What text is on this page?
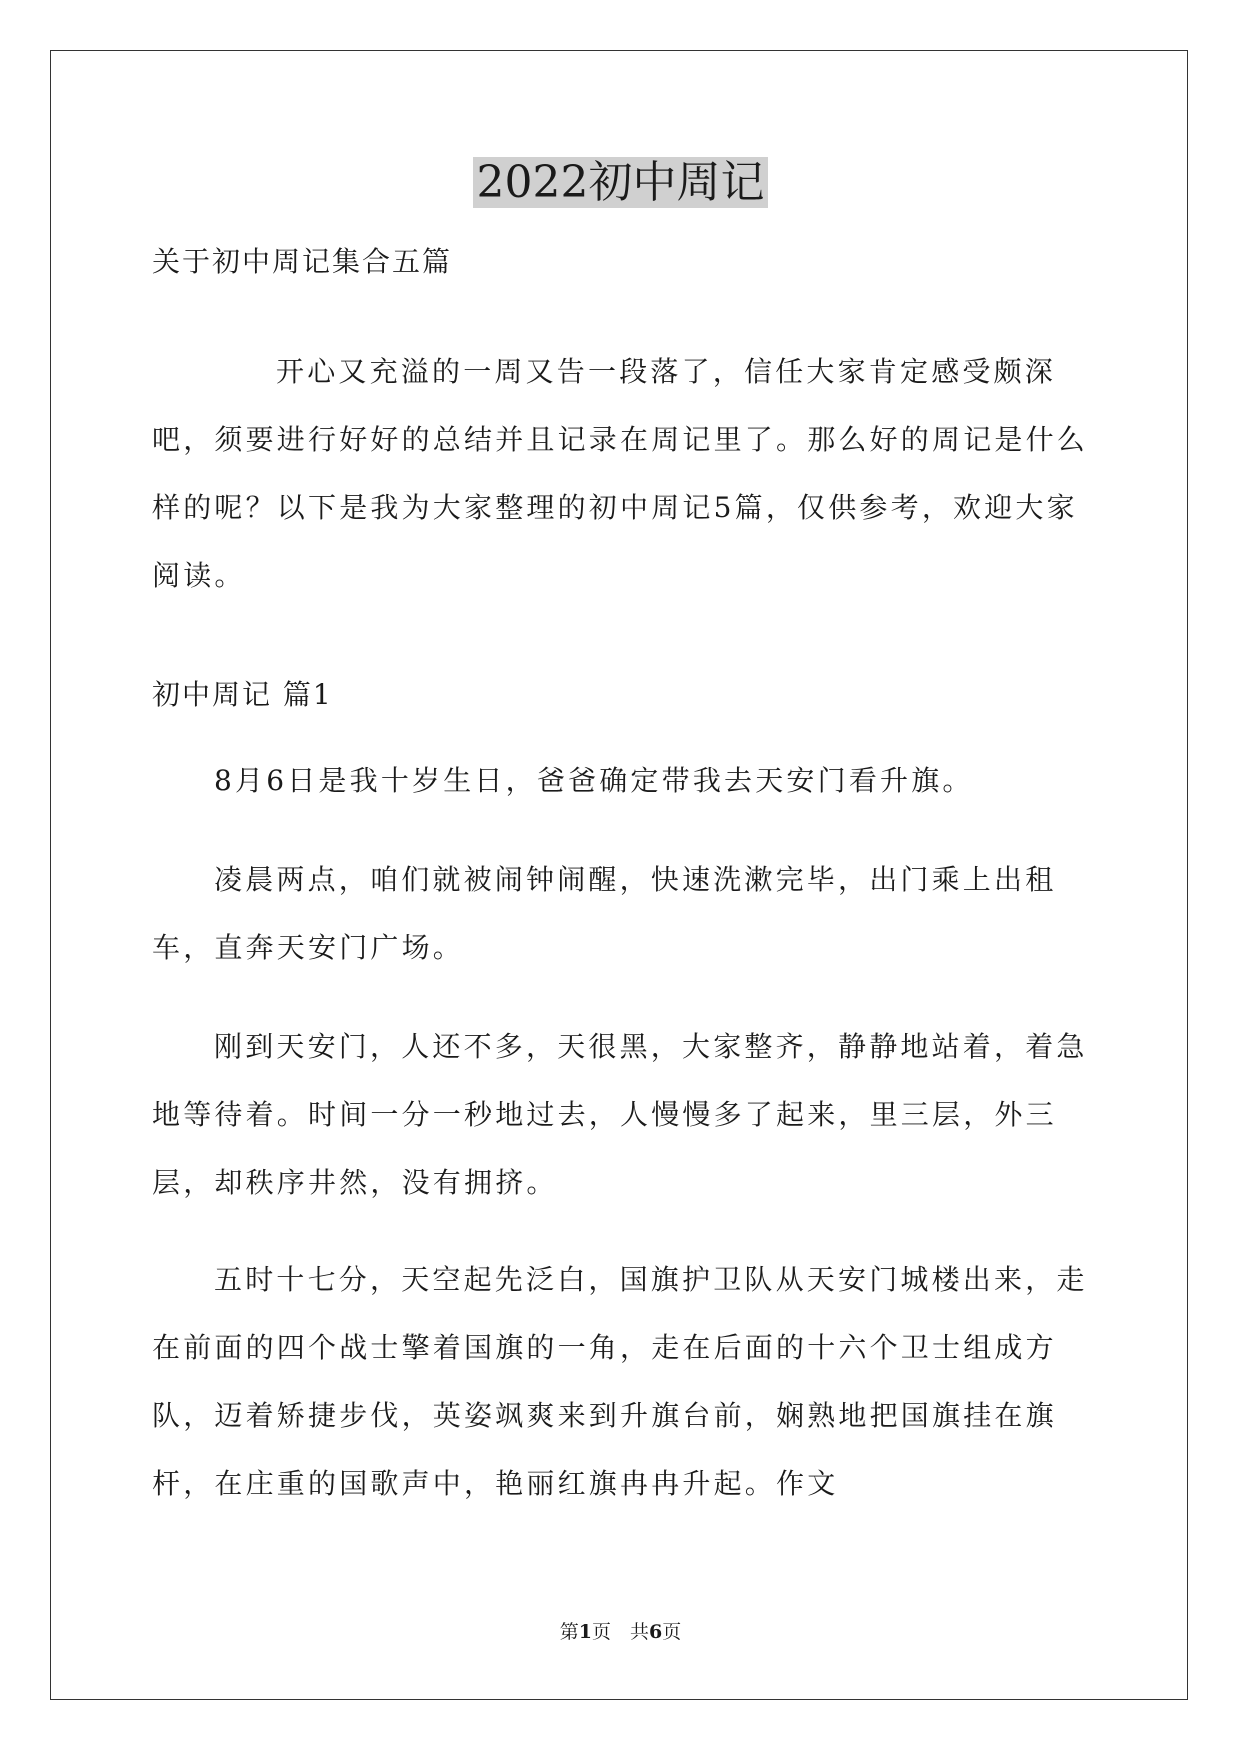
2022初中周记
关于初中周记集合五篇

开心又充溢的一周又告一段落了，信任大家肯定感受颇深吧，须要进行好好的总结并且记录在周记里了。那么好的周记是什么样的呢？以下是我为大家整理的初中周记5篇，仅供参考，欢迎大家阅读。

初中周记 篇1

8月6日是我十岁生日，爸爸确定带我去天安门看升旗。

凌晨两点，咱们就被闹钟闹醒，快速洗漱完毕，出门乘上出租车，直奔天安门广场。

刚到天安门，人还不多，天很黑，大家整齐，静静地站着，着急地等待着。时间一分一秒地过去，人慢慢多了起来，里三层，外三层，却秩序井然，没有拥挤。

五时十七分，天空起先泛白，国旗护卫队从天安门城楼出来，走在前面的四个战士擎着国旗的一角，走在后面的十六个卫士组成方队，迈着矫捷步伐，英姿飒爽来到升旗台前，娴熟地把国旗挂在旗杆，在庄重的国歌声中，艳丽红旗冉冉升起。作文

第1页　共6页
